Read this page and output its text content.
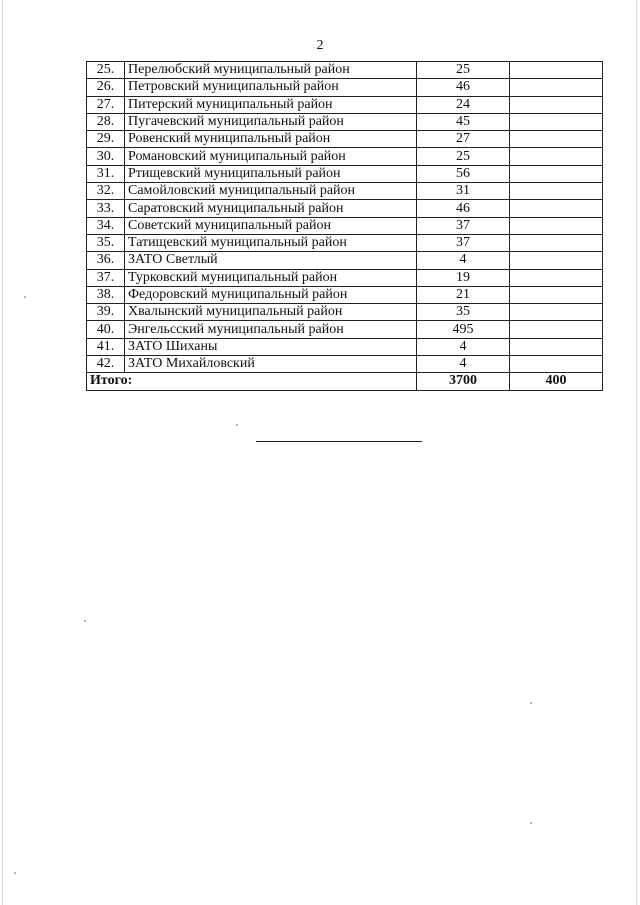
2
25.	Перелюбский муниципальный район	25	
26.	Петровский муниципальный район	46	
27.	Питерский муниципальный район	24	
28.	Пугачевский муниципальный район	45	
29.	Ровенский муниципальный район	27	
30.	Романовский муниципальный район	25	
31.	Ртищевский муниципальный район	56	
32.	Самойловский муниципальный район	31	
33.	Саратовский муниципальный район	46	
34.	Советский муниципальный район	37	
35.	Татищевский муниципальный район	37	
36.	ЗАТО Светлый	4	
37.	Турковский муниципальный район	19	
38.	Федоровский муниципальный район	21	
39.	Хвалынский муниципальный район	35	
40.	Энгельсский муниципальный район	495	
41.	ЗАТО Шиханы	4	
42.	ЗАТО Михайловский	4	
Итого:		3700	400
